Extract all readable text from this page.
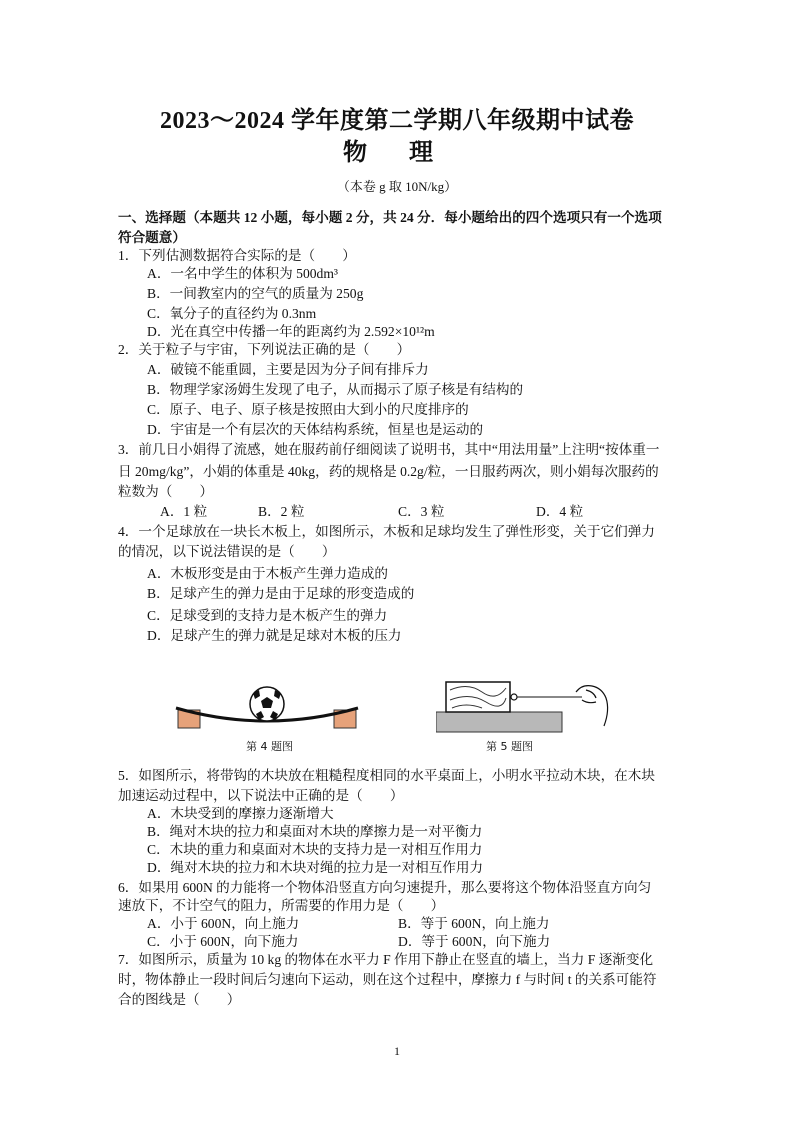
2023～2024 学年度第二学期八年级期中试卷
物 理
（本卷 g 取 10N/kg）
一、选择题（本题共 12 小题，每小题 2 分，共 24 分．每小题给出的四个选项只有一个选项
符合题意）
1．下列估测数据符合实际的是（　　）
A．一名中学生的体积为 500dm³
B．一间教室内的空气的质量为 250g
C．氧分子的直径约为 0.3nm
D．光在真空中传播一年的距离约为 2.592×10¹²m
2．关于粒子与宇宙，下列说法正确的是（　　）
A．破镜不能重圆，主要是因为分子间有排斥力
B．物理学家汤姆生发现了电子，从而揭示了原子核是有结构的
C．原子、电子、原子核是按照由大到小的尺度排序的
D．宇宙是一个有层次的天体结构系统，恒星也是运动的
3．前几日小娟得了流感，她在服药前仔细阅读了说明书，其中“用法用量”上注明“按体重一
日 20mg/kg”，小娟的体重是 40kg，药的规格是 0.2g/粒，一日服药两次，则小娟每次服药的
粒数为（　　）
A．1 粒	B．2 粒	C．3 粒	D．4 粒
4．一个足球放在一块长木板上，如图所示，木板和足球均发生了弹性形变，关于它们弹力
的情况，以下说法错误的是（　　）
A．木板形变是由于木板产生弹力造成的
B．足球产生的弹力是由于足球的形变造成的
C．足球受到的支持力是木板产生的弹力
D．足球产生的弹力就是足球对木板的压力
第 4 题图	第 5 题图
5．如图所示，将带钩的木块放在粗糙程度相同的水平桌面上，小明水平拉动木块，在木块
加速运动过程中，以下说法中正确的是（　　）
A．木块受到的摩擦力逐渐增大
B．绳对木块的拉力和桌面对木块的摩擦力是一对平衡力
C．木块的重力和桌面对木块的支持力是一对相互作用力
D．绳对木块的拉力和木块对绳的拉力是一对相互作用力
6．如果用 600N 的力能将一个物体沿竖直方向匀速提升，那么要将这个物体沿竖直方向匀
速放下，不计空气的阻力，所需要的作用力是（　　）
A．小于 600N，向上施力	B．等于 600N，向上施力
C．小于 600N，向下施力	D．等于 600N，向下施力
7．如图所示，质量为 10 kg 的物体在水平力 F 作用下静止在竖直的墙上，当力 F 逐渐变化
时，物体静止一段时间后匀速向下运动，则在这个过程中，摩擦力 f 与时间 t 的关系可能符
合的图线是（　　）
1
